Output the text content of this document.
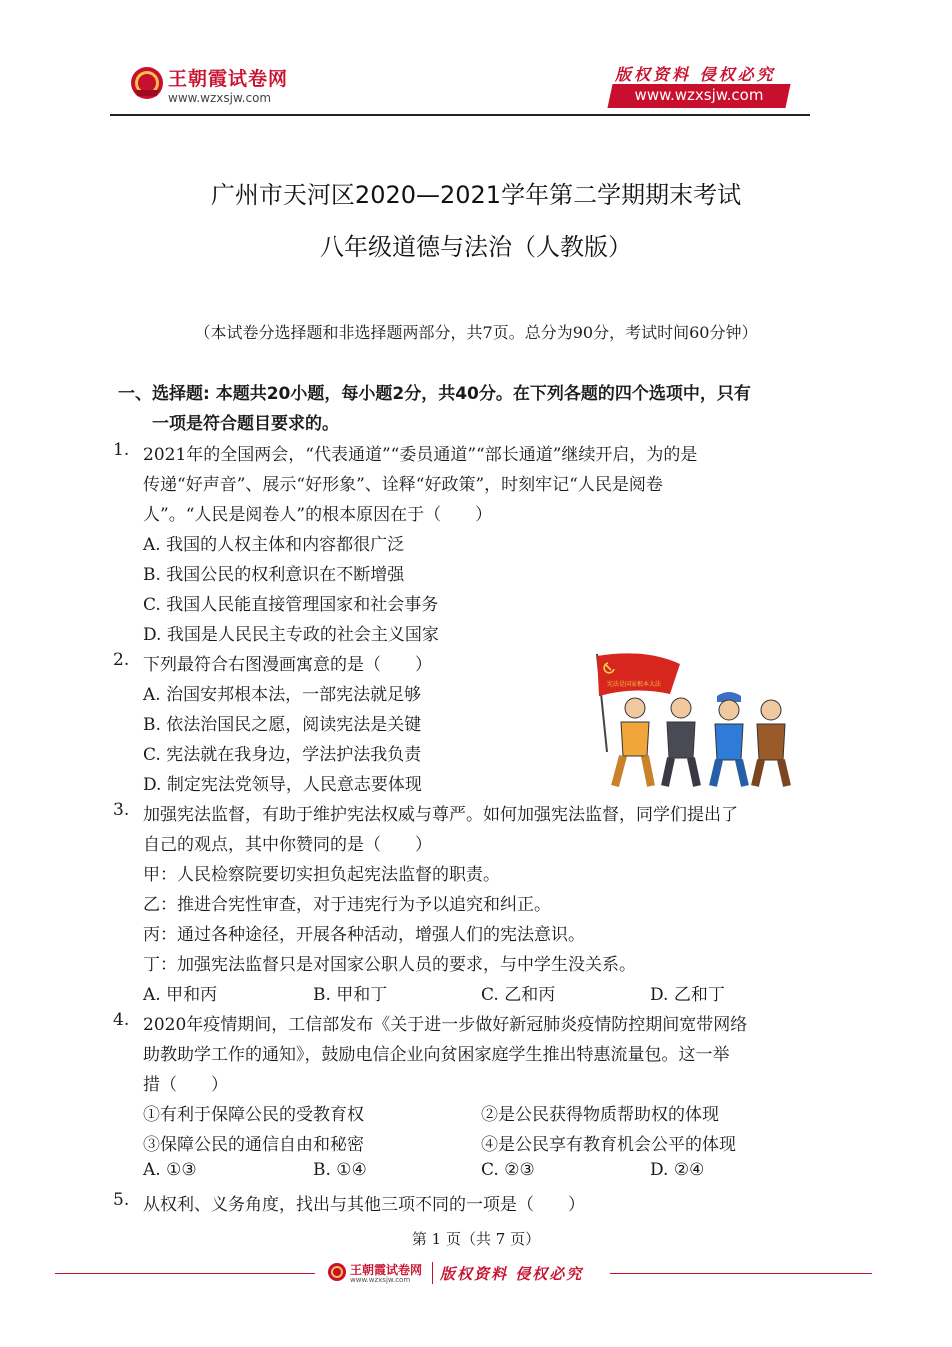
王朝霞试卷网
www.wzxsjw.com
版权资料 侵权必究
www.wzxsjw.com
广州市天河区2020—2021学年第二学期期末考试
八年级道德与法治（人教版）
（本试卷分选择题和非选择题两部分，共7页。总分为90分，考试时间60分钟）
一、选择题: 本题共20小题，每小题2分，共40分。在下列各题的四个选项中，只有
一项是符合题目要求的。
1. 2021年的全国两会，“代表通道”“委员通道”“部长通道”继续开启，为的是
传递“好声音”、展示“好形象”、诠释“好政策”，时刻牢记“人民是阅卷
人”。“人民是阅卷人”的根本原因在于（　　）
A. 我国的人权主体和内容都很广泛
B. 我国公民的权利意识在不断增强
C. 我国人民能直接管理国家和社会事务
D. 我国是人民民主专政的社会主义国家
2. 下列最符合右图漫画寓意的是（　　）
A. 治国安邦根本法，一部宪法就足够
B. 依法治国民之愿，阅读宪法是关键
C. 宪法就在我身边，学法护法我负责
D. 制定宪法党领导，人民意志要体现
宪法是国家根本大法
3. 加强宪法监督，有助于维护宪法权威与尊严。如何加强宪法监督，同学们提出了
自己的观点，其中你赞同的是（　　）
甲：人民检察院要切实担负起宪法监督的职责。
乙：推进合宪性审查，对于违宪行为予以追究和纠正。
丙：通过各种途径，开展各种活动，增强人们的宪法意识。
丁：加强宪法监督只是对国家公职人员的要求，与中学生没关系。
A. 甲和丙	B. 甲和丁	C. 乙和丙	D. 乙和丁
4. 2020年疫情期间，工信部发布《关于进一步做好新冠肺炎疫情防控期间宽带网络
助教助学工作的通知》，鼓励电信企业向贫困家庭学生推出特惠流量包。这一举
措（　　）
①有利于保障公民的受教育权	②是公民获得物质帮助权的体现
③保障公民的通信自由和秘密	④是公民享有教育机会公平的体现
A. ①③	B. ①④	C. ②③	D. ②④
5. 从权利、义务角度，找出与其他三项不同的一项是（　　）
第 1 页（共 7 页）
王朝霞试卷网
www.wzxsjw.com 版权资料 侵权必究
